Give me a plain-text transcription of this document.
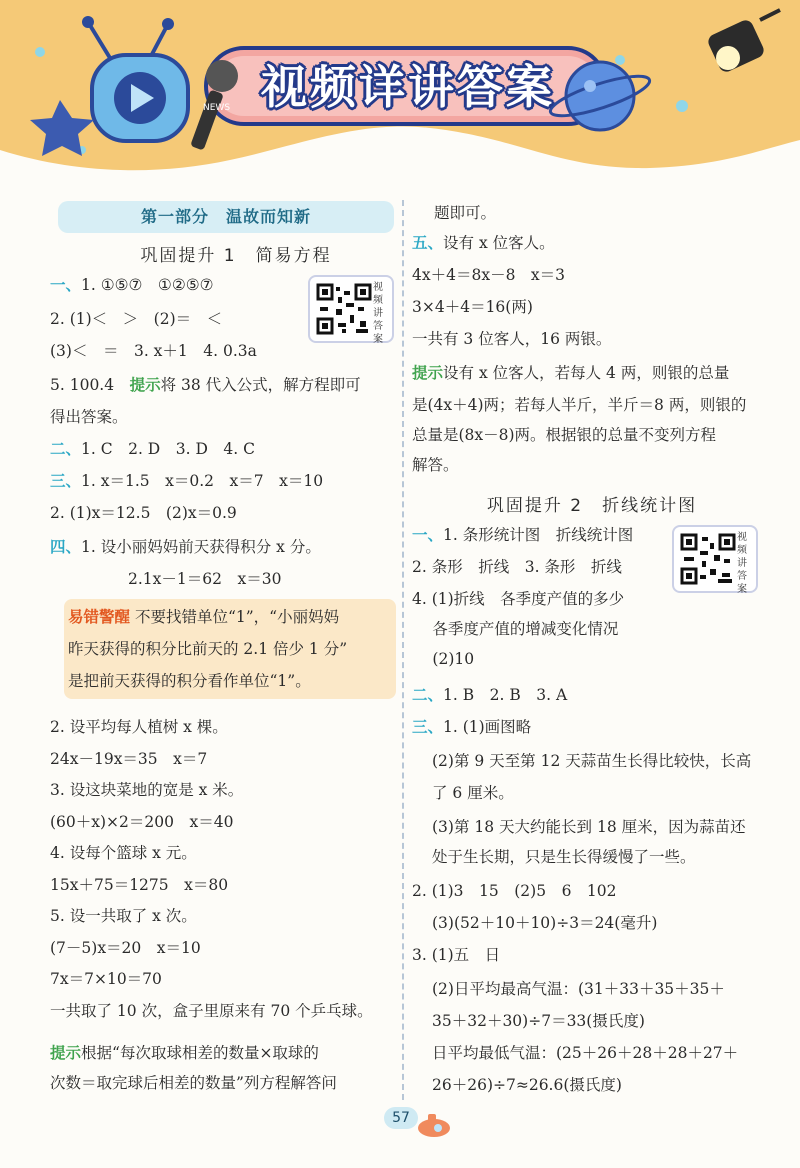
NEWS 视频详讲答案
第一部分　温故而知新
巩固提升 1　简易方程
视频讲答案
一、1. ①⑤⑦　①②⑤⑦
2. (1)＜　＞　(2)＝　＜
(3)＜　＝　3. x＋1　4. 0.3a
5. 100.4　提示将 38 代入公式，解方程即可
得出答案。
二、1. C　2. D　3. D　4. C
三、1. x＝1.5　x＝0.2　x＝7　x＝10
2. (1)x＝12.5　(2)x＝0.9
四、1. 设小丽妈妈前天获得积分 x 分。
2.1x－1＝62　x＝30
易错警醒 不要找错单位“1”，“小丽妈妈
昨天获得的积分比前天的 2.1 倍少 1 分”
是把前天获得的积分看作单位“1”。
2. 设平均每人植树 x 棵。
24x－19x＝35　x＝7
3. 设这块菜地的宽是 x 米。
(60＋x)×2＝200　x＝40
4. 设每个篮球 x 元。
15x＋75＝1275　x＝80
5. 设一共取了 x 次。
(7－5)x＝20　x＝10
7x＝7×10＝70
一共取了 10 次，盒子里原来有 70 个乒乓球。
提示根据“每次取球相差的数量×取球的
次数＝取完球后相差的数量”列方程解答问
题即可。
五、设有 x 位客人。
4x＋4＝8x－8　x＝3
3×4＋4＝16(两)
一共有 3 位客人，16 两银。
提示设有 x 位客人，若每人 4 两，则银的总量
是(4x＋4)两；若每人半斤，半斤＝8 两，则银的
总量是(8x－8)两。根据银的总量不变列方程
解答。
巩固提升 2　折线统计图
视频讲答案
一、1. 条形统计图　折线统计图
2. 条形　折线　3. 条形　折线
4. (1)折线　各季度产值的多少
　 各季度产值的增减变化情况
　 (2)10
二、1. B　2. B　3. A
三、1. (1)画图略
(2)第 9 天至第 12 天蒜苗生长得比较快，长高
了 6 厘米。
(3)第 18 天大约能长到 18 厘米，因为蒜苗还
处于生长期，只是生长得缓慢了一些。
2. (1)3　15　(2)5　6　102
(3)(52＋10＋10)÷3＝24(毫升)
3. (1)五　日
(2)日平均最高气温：(31＋33＋35＋35＋
35＋32＋30)÷7＝33(摄氏度)
日平均最低气温：(25＋26＋28＋28＋27＋
26＋26)÷7≈26.6(摄氏度)
57
